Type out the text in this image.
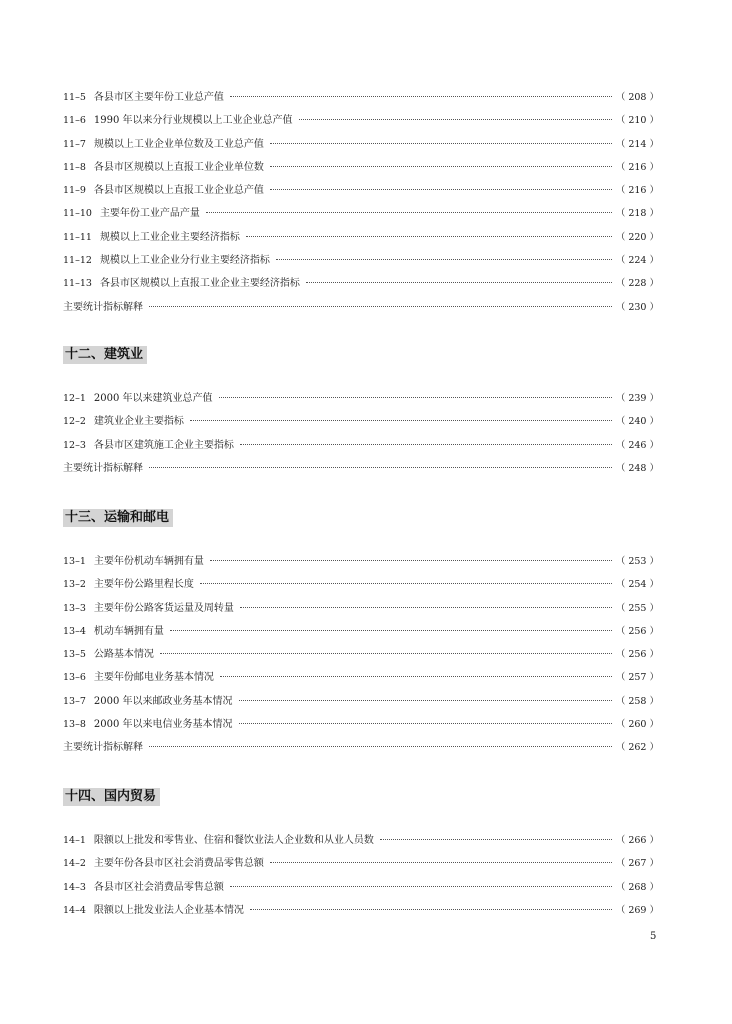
11–5 各县市区主要年份工业总产值	（ 208 ）
11–6 1990 年以来分行业规模以上工业企业总产值	（ 210 ）
11–7 规模以上工业企业单位数及工业总产值	（ 214 ）
11–8 各县市区规模以上直报工业企业单位数	（ 216 ）
11–9 各县市区规模以上直报工业企业总产值	（ 216 ）
11–10 主要年份工业产品产量	（ 218 ）
11–11 规模以上工业企业主要经济指标	（ 220 ）
11–12 规模以上工业企业分行业主要经济指标	（ 224 ）
11–13 各县市区规模以上直报工业企业主要经济指标	（ 228 ）
主要统计指标解释	（ 230 ）
十二、建筑业
12–1 2000 年以来建筑业总产值	（ 239 ）
12–2 建筑业企业主要指标	（ 240 ）
12–3 各县市区建筑施工企业主要指标	（ 246 ）
主要统计指标解释	（ 248 ）
十三、运输和邮电
13–1 主要年份机动车辆拥有量	（ 253 ）
13–2 主要年份公路里程长度	（ 254 ）
13–3 主要年份公路客货运量及周转量	（ 255 ）
13–4 机动车辆拥有量	（ 256 ）
13–5 公路基本情况	（ 256 ）
13–6 主要年份邮电业务基本情况	（ 257 ）
13–7 2000 年以来邮政业务基本情况	（ 258 ）
13–8 2000 年以来电信业务基本情况	（ 260 ）
主要统计指标解释	（ 262 ）
十四、国内贸易
14–1 限额以上批发和零售业、住宿和餐饮业法人企业数和从业人员数	（ 266 ）
14–2 主要年份各县市区社会消费品零售总额	（ 267 ）
14–3 各县市区社会消费品零售总额	（ 268 ）
14–4 限额以上批发业法人企业基本情况	（ 269 ）
5
